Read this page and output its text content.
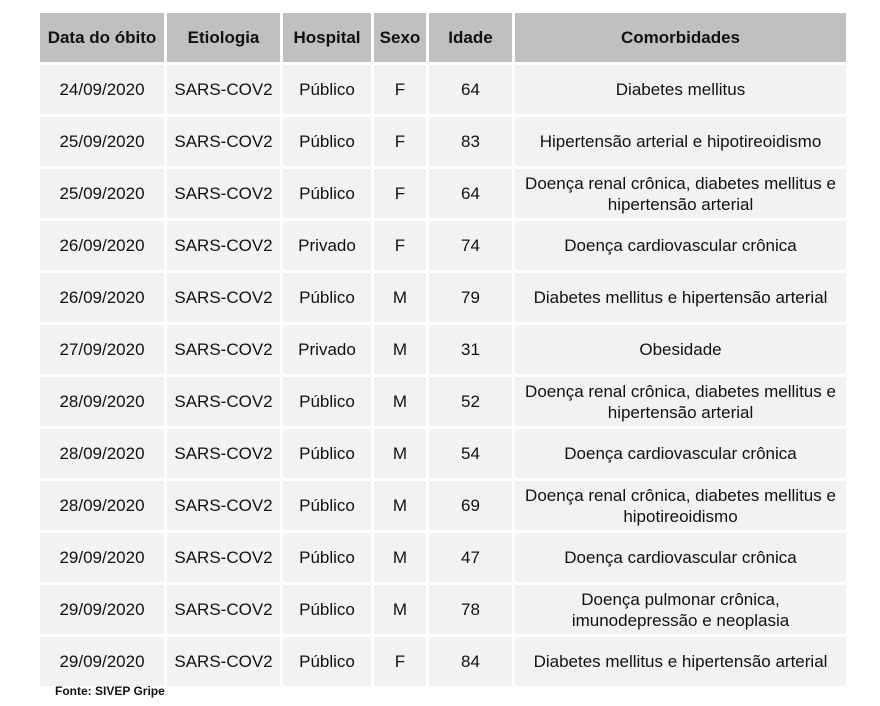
Data do óbito	Etiologia	Hospital	Sexo	Idade	Comorbidades
24/09/2020	SARS-COV2	Público	F	64	Diabetes mellitus
25/09/2020	SARS-COV2	Público	F	83	Hipertensão arterial e hipotireoidismo
25/09/2020	SARS-COV2	Público	F	64	Doença renal crônica, diabetes mellitus e hipertensão arterial
26/09/2020	SARS-COV2	Privado	F	74	Doença cardiovascular crônica
26/09/2020	SARS-COV2	Público	M	79	Diabetes mellitus e hipertensão arterial
27/09/2020	SARS-COV2	Privado	M	31	Obesidade
28/09/2020	SARS-COV2	Público	M	52	Doença renal crônica, diabetes mellitus e hipertensão arterial
28/09/2020	SARS-COV2	Público	M	54	Doença cardiovascular crônica
28/09/2020	SARS-COV2	Público	M	69	Doença renal crônica, diabetes mellitus e hipotireoidismo
29/09/2020	SARS-COV2	Público	M	47	Doença cardiovascular crônica
29/09/2020	SARS-COV2	Público	M	78	Doença pulmonar crônica, imunodepressão e neoplasia
29/09/2020	SARS-COV2	Público	F	84	Diabetes mellitus e hipertensão arterial
Fonte: SIVEP Gripe
